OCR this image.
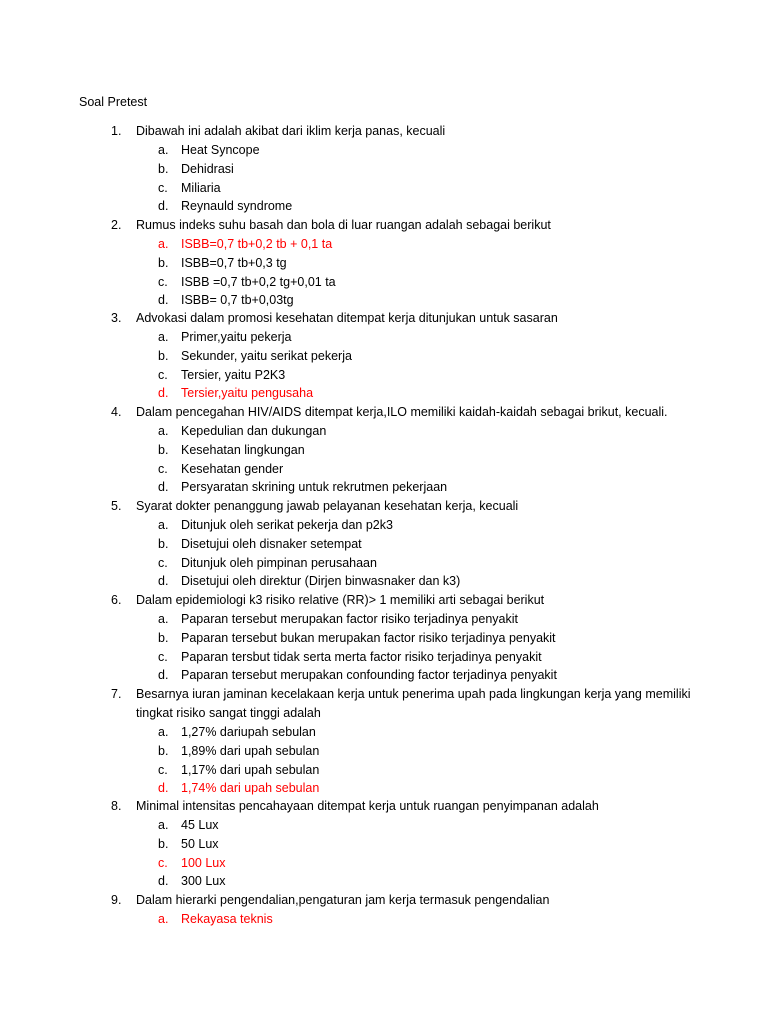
Soal Pretest
1. Dibawah ini adalah akibat dari iklim kerja panas, kecuali
a. Heat Syncope
b. Dehidrasi
c. Miliaria
d. Reynauld syndrome
2. Rumus indeks suhu basah dan bola di luar ruangan adalah sebagai berikut
a. ISBB=0,7 tb+0,2 tb + 0,1 ta
b. ISBB=0,7 tb+0,3 tg
c. ISBB =0,7 tb+0,2 tg+0,01 ta
d. ISBB= 0,7 tb+0,03tg
3. Advokasi dalam promosi kesehatan ditempat kerja ditunjukan untuk sasaran
a. Primer,yaitu pekerja
b. Sekunder, yaitu serikat pekerja
c. Tersier, yaitu P2K3
d. Tersier,yaitu pengusaha
4. Dalam pencegahan HIV/AIDS ditempat kerja,ILO memiliki kaidah-kaidah sebagai brikut, kecuali.
a. Kepedulian dan dukungan
b. Kesehatan lingkungan
c. Kesehatan gender
d. Persyaratan skrining untuk rekrutmen pekerjaan
5. Syarat dokter penanggung jawab pelayanan kesehatan kerja, kecuali
a. Ditunjuk oleh serikat pekerja dan p2k3
b. Disetujui oleh disnaker setempat
c. Ditunjuk oleh pimpinan perusahaan
d. Disetujui oleh direktur (Dirjen binwasnaker dan k3)
6. Dalam epidemiologi k3 risiko relative (RR)> 1 memiliki arti sebagai berikut
a. Paparan tersebut merupakan factor risiko terjadinya penyakit
b. Paparan tersebut bukan merupakan factor risiko terjadinya penyakit
c. Paparan tersbut tidak serta merta factor risiko terjadinya penyakit
d. Paparan tersebut merupakan confounding factor terjadinya penyakit
7. Besarnya iuran jaminan kecelakaan kerja untuk penerima upah pada lingkungan kerja yang memiliki tingkat risiko sangat tinggi adalah
a. 1,27% dariupah sebulan
b. 1,89% dari upah sebulan
c. 1,17% dari upah sebulan
d. 1,74% dari upah sebulan
8. Minimal intensitas pencahayaan ditempat kerja untuk ruangan penyimpanan adalah
a. 45 Lux
b. 50 Lux
c. 100 Lux
d. 300 Lux
9. Dalam hierarki pengendalian,pengaturan jam kerja termasuk pengendalian
a. Rekayasa teknis
